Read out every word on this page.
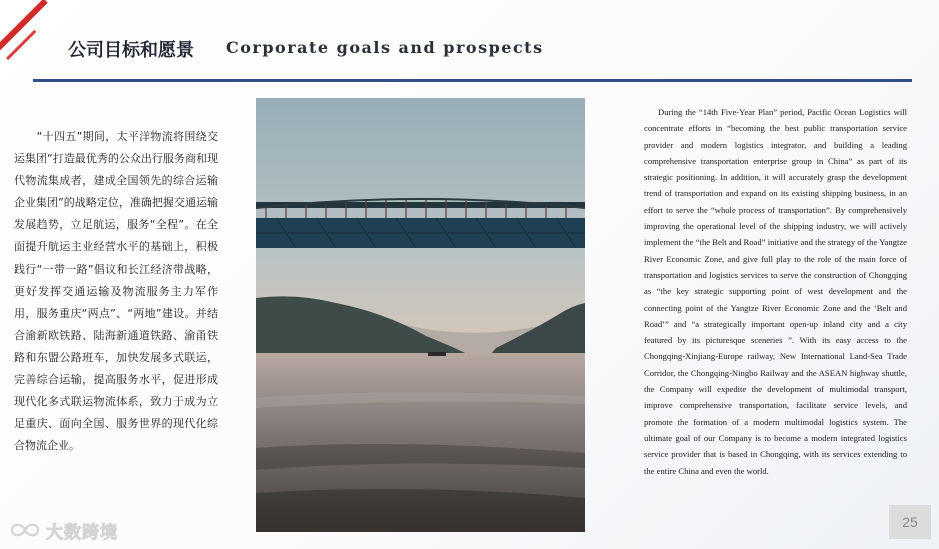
公司目标和愿景 Corporate goals and prospects
　　“十四五”期间，太平洋物流将围绕交运集团“打造最优秀的公众出行服务商和现代物流集成者，建成全国领先的综合运输企业集团”的战略定位，准确把握交通运输发展趋势，立足航运，服务“全程”。在全面提升航运主业经营水平的基础上，积极践行“一带一路”倡议和长江经济带战略，更好发挥交通运输及物流服务主力军作用，服务重庆“两点”、“两地”建设。并结合渝新欧铁路、陆海新通道铁路、渝甬铁路和东盟公路班车，加快发展多式联运，完善综合运输，提高服务水平，促进形成现代化多式联运物流体系，致力于成为立足重庆、面向全国、服务世界的现代化综合物流企业。

During the “14th Five-Year Plan” period, Pacific Ocean Logistics will concentrate efforts in “becoming the best public transportation service provider and modern logistics integrator, and building a leading comprehensive transportation enterprise group in China” as part of its strategic positioning. In addition, it will accurately grasp the development trend of transportation and expand on its existing shipping business, in an effort to serve the “whole process of transportation”. By comprehensively improving the operational level of the shipping industry, we will actively implement the “the Belt and Road” initiative and the strategy of the Yangtze River Economic Zone, and give full play to the role of the main force of transportation and logistics services to serve the construction of Chongqing as “the key strategic supporting point of west development and the connecting point of the Yangtze River Economic Zone and the ‘Belt and Road’” and “a strategically important open-up inland city and a city featured by its picturesque sceneries ”. With its easy access to the Chongqing-Xinjiang-Europe railway, New International Land-Sea Trade Corridor, the Chongqing-Ningbo Railway and the ASEAN highway shuttle, the Company will expedite the development of multimodal transport, improve comprehensive transportation, facilitate service levels, and promote the formation of a modern multimodal logistics system. The ultimate goal of our Company is to become a modern integrated logistics service provider that is based in Chongqing, with its services extending to the entire China and even the world.

大数跨境
25
